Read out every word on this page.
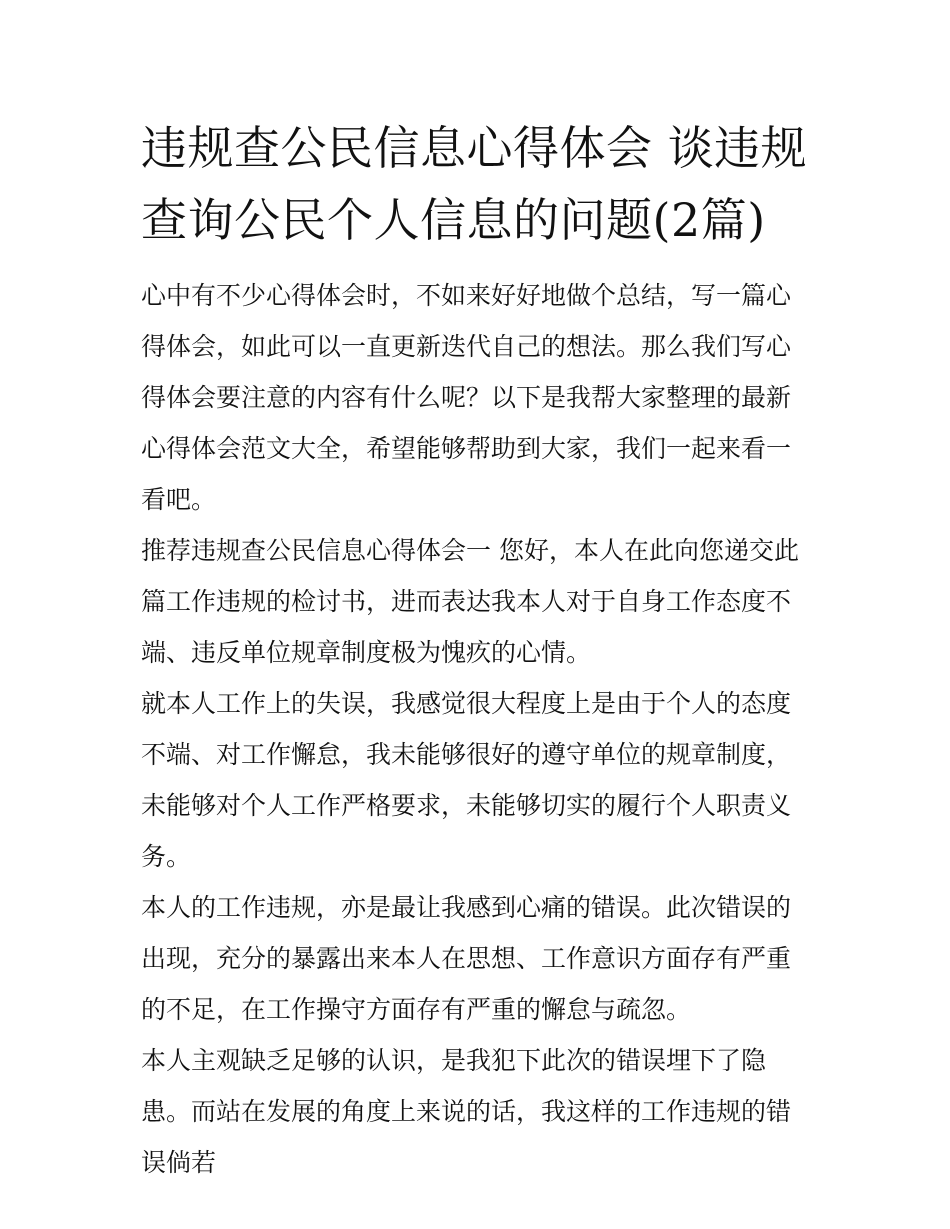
违规查公民信息心得体会 谈违规查询公民个人信息的问题(2篇)

心中有不少心得体会时，不如来好好地做个总结，写一篇心得体会，如此可以一直更新迭代自己的想法。那么我们写心得体会要注意的内容有什么呢？以下是我帮大家整理的最新心得体会范文大全，希望能够帮助到大家，我们一起来看一看吧。

推荐违规查公民信息心得体会一 您好，本人在此向您递交此篇工作违规的检讨书，进而表达我本人对于自身工作态度不端、违反单位规章制度极为愧疚的心情。

就本人工作上的失误，我感觉很大程度上是由于个人的态度不端、对工作懈怠，我未能够很好的遵守单位的规章制度，未能够对个人工作严格要求，未能够切实的履行个人职责义务。

本人的工作违规，亦是最让我感到心痛的错误。此次错误的出现，充分的暴露出来本人在思想、工作意识方面存有严重的不足，在工作操守方面存有严重的懈怠与疏忽。

本人主观缺乏足够的认识，是我犯下此次的错误埋下了隐患。而站在发展的角度上来说的话，我这样的工作违规的错误倘若
